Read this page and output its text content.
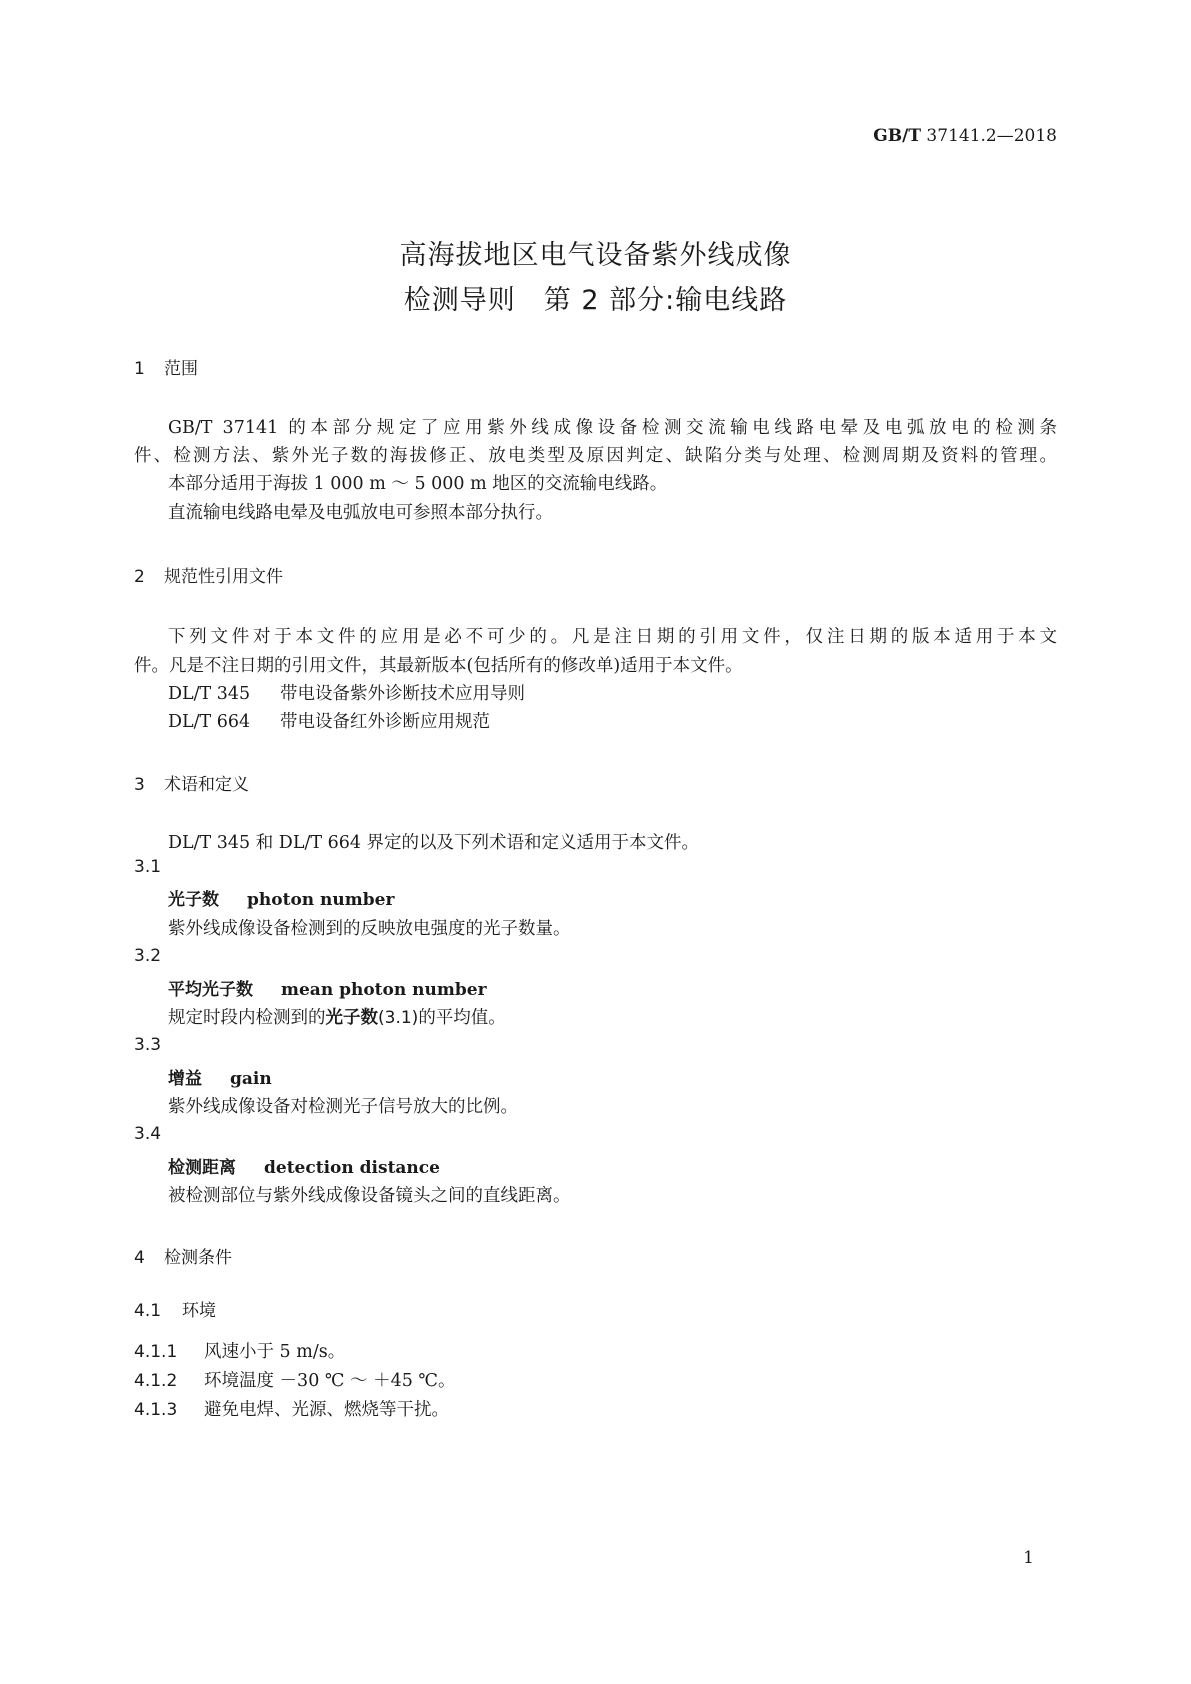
GB/T 37141.2—2018
高海拔地区电气设备紫外线成像
检测导则　第 2 部分:输电线路
1 范围
GB/T 37141 的本部分规定了应用紫外线成像设备检测交流输电线路电晕及电弧放电的检测条
件、检测方法、紫外光子数的海拔修正、放电类型及原因判定、缺陷分类与处理、检测周期及资料的管理。
本部分适用于海拔 1 000 m ～ 5 000 m 地区的交流输电线路。
直流输电线路电晕及电弧放电可参照本部分执行。
2 规范性引用文件
下列文件对于本文件的应用是必不可少的。凡是注日期的引用文件，仅注日期的版本适用于本文
件。凡是不注日期的引用文件，其最新版本(包括所有的修改单)适用于本文件。
DL/T 345 带电设备紫外诊断技术应用导则
DL/T 664 带电设备红外诊断应用规范
3 术语和定义
DL/T 345 和 DL/T 664 界定的以及下列术语和定义适用于本文件。
3.1
光子数 photon number
紫外线成像设备检测到的反映放电强度的光子数量。
3.2
平均光子数 mean photon number
规定时段内检测到的光子数(3.1)的平均值。
3.3
增益 gain
紫外线成像设备对检测光子信号放大的比例。
3.4
检测距离 detection distance
被检测部位与紫外线成像设备镜头之间的直线距离。
4 检测条件
4.1 环境
4.1.1 风速小于 5 m/s。
4.1.2 环境温度 －30 ℃ ～ ＋45 ℃。
4.1.3 避免电焊、光源、燃烧等干扰。
1
